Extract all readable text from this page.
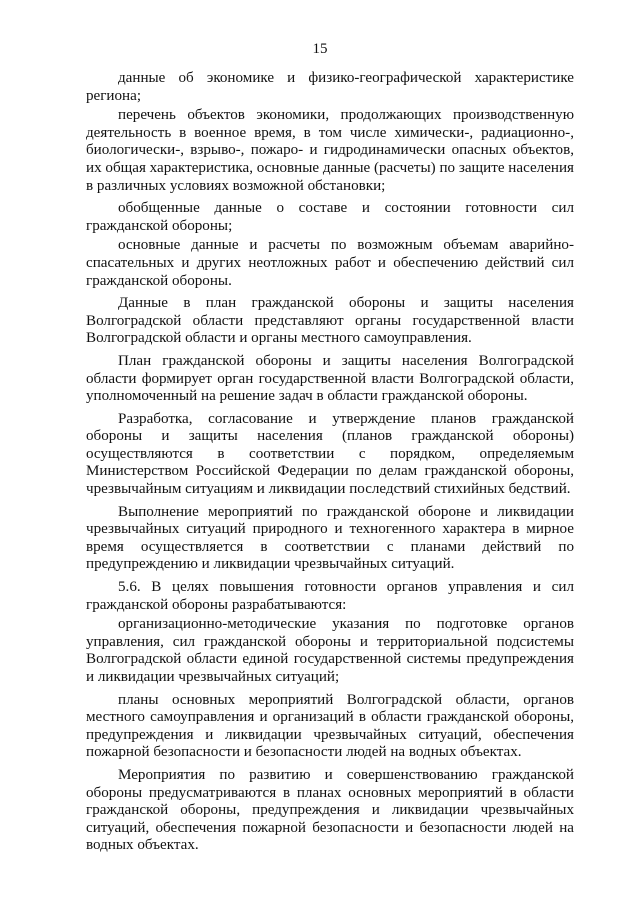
15

данные об экономике и физико-географической характеристике региона;

перечень объектов экономики, продолжающих производственную деятельность в военное время, в том числе химически-, радиационно-, биологически-, взрыво-, пожаро- и гидродинамически опасных объектов, их общая характеристика, основные данные (расчеты) по защите населения в различных условиях возможной обстановки;

обобщенные данные о составе и состоянии готовности сил гражданской обороны;

основные данные и расчеты по возможным объемам аварийно-спасательных и других неотложных работ и обеспечению действий сил гражданской обороны.

Данные в план гражданской обороны и защиты населения Волгоградской области представляют органы государственной власти Волгоградской области и органы местного самоуправления.

План гражданской обороны и защиты населения Волгоградской области формирует орган государственной власти Волгоградской области, уполномоченный на решение задач в области гражданской обороны.

Разработка, согласование и утверждение планов гражданской обороны и защиты населения (планов гражданской обороны) осуществляются в соответствии с порядком, определяемым Министерством Российской Федерации по делам гражданской обороны, чрезвычайным ситуациям и ликвидации последствий стихийных бедствий.

Выполнение мероприятий по гражданской обороне и ликвидации чрезвычайных ситуаций природного и техногенного характера в мирное время осуществляется в соответствии с планами действий по предупреждению и ликвидации чрезвычайных ситуаций.

5.6. В целях повышения готовности органов управления и сил гражданской обороны разрабатываются:

организационно-методические указания по подготовке органов управления, сил гражданской обороны и территориальной подсистемы Волгоградской области единой государственной системы предупреждения и ликвидации чрезвычайных ситуаций;

планы основных мероприятий Волгоградской области, органов местного самоуправления и организаций в области гражданской обороны, предупреждения и ликвидации чрезвычайных ситуаций, обеспечения пожарной безопасности и безопасности людей на водных объектах.

Мероприятия по развитию и совершенствованию гражданской обороны предусматриваются в планах основных мероприятий в области гражданской обороны, предупреждения и ликвидации чрезвычайных ситуаций, обеспечения пожарной безопасности и безопасности людей на водных объектах.
